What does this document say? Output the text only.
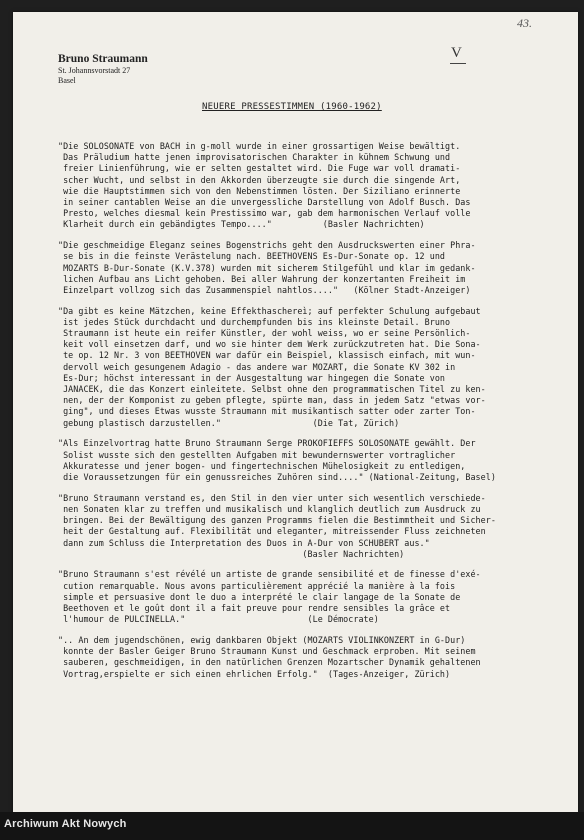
43.
V
Bruno Straumann
St. Johannsvorstadt 27
Basel
NEUERE PRESSESTIMMEN (1960-1962)
"Die SOLOSONATE von BACH in g-moll wurde in einer grossartigen Weise bewältigt.
Das Präludium hatte jenen improvisatorischen Charakter in kühnem Schwung und
freier Linienführung, wie er selten gestaltet wird. Die Fuge war voll dramati-
scher Wucht, und selbst in den Akkorden überzeugte sie durch die singende Art,
wie die Hauptstimmen sich von den Nebenstimmen lösten. Der Siziliano erinnerte
in seiner cantablen Weise an die unvergessliche Darstellung von Adolf Busch. Das
Presto, welches diesmal kein Prestissimo war, gab dem harmonischen Verlauf volle
Klarheit durch ein gebändigtes Tempo...."          (Basler Nachrichten)
"Die geschmeidige Eleganz seines Bogenstrichs geht den Ausdruckswerten einer Phra-
se bis in die feinste Verästelung nach. BEETHOVENS Es-Dur-Sonate op. 12 und
MOZARTS B-Dur-Sonate (K.V.378) wurden mit sicherem Stilgefühl und klar im gedank-
lichen Aufbau ans Licht gehoben. Bei aller Wahrung der konzertanten Freiheit im
Einzelpart vollzog sich das Zusammenspiel nahtlos...."   (Kölner Stadt-Anzeiger)
"Da gibt es keine Mätzchen, keine Effekthaschereì; auf perfekter Schulung aufgebaut
ist jedes Stück durchdacht und durchempfunden bis ins kleinste Detail. Bruno
Straumann ist heute ein reifer Künstler, der wohl weiss, wo er seine Persönlich-
keit voll einsetzen darf, und wo sie hinter dem Werk zurückzutreten hat. Die Sona-
te op. 12 Nr. 3 von BEETHOVEN war dafür ein Beispiel, klassisch einfach, mit wun-
dervoll weich gesungenem Adagio - das andere war MOZART, die Sonate KV 302 in
Es-Dur; höchst interessant in der Ausgestaltung war hingegen die Sonate von
JANACEK, die das Konzert einleitete. Selbst ohne den programmatischen Titel zu ken-
nen, der der Komponist zu geben pflegte, spürte man, dass in jedem Satz "etwas vor-
ging", und dieses Etwas wusste Straumann mit musikantisch satter oder zarter Ton-
gebung plastisch darzustellen."                  (Die Tat, Zürich)
"Als Einzelvortrag hatte Bruno Straumann Serge PROKOFIEFFS SOLOSONATE gewählt. Der
Solist wusste sich den gestellten Aufgaben mit bewundernswerter vortraglicher
Akkuratesse und jener bogen- und fingertechnischen Mühelosigkeit zu entledigen,
die Voraussetzungen für ein genussreiches Zuhören sind...." (National-Zeitung, Basel)
"Bruno Straumann verstand es, den Stil in den vier unter sich wesentlich verschiede-
nen Sonaten klar zu treffen und musikalisch und klanglich deutlich zum Ausdruck zu
bringen. Bei der Bewältigung des ganzen Programms fielen die Bestimmtheit und Sicher-
heit der Gestaltung auf. Flexibilität und eleganter, mitreissender Fluss zeichneten
dann zum Schluss die Interpretation des Duos in A-Dur von SCHUBERT aus."
(Basler Nachrichten)
"Bruno Straumann s'est révélé un artiste de grande sensibilité et de finesse d'exé-
cution remarquable. Nous avons particulièrement apprécié la manière à la fois
simple et persuasive dont le duo a interprété le clair langage de la Sonate de
Beethoven et le goût dont il a fait preuve pour rendre sensibles la grâce et
l'humour de PULCINELLA."                        (Le Démocrate)
".. An dem jugendschönen, ewig dankbaren Objekt (MOZARTS VIOLINKONZERT in G-Dur)
konnte der Basler Geiger Bruno Straumann Kunst und Geschmack erproben. Mit seinem
sauberen, geschmeidigen, in den natürlichen Grenzen Mozartscher Dynamik gehaltenen
Vortrag,erspielte er sich einen ehrlichen Erfolg."  (Tages-Anzeiger, Zürich)
Archiwum Akt Nowych
